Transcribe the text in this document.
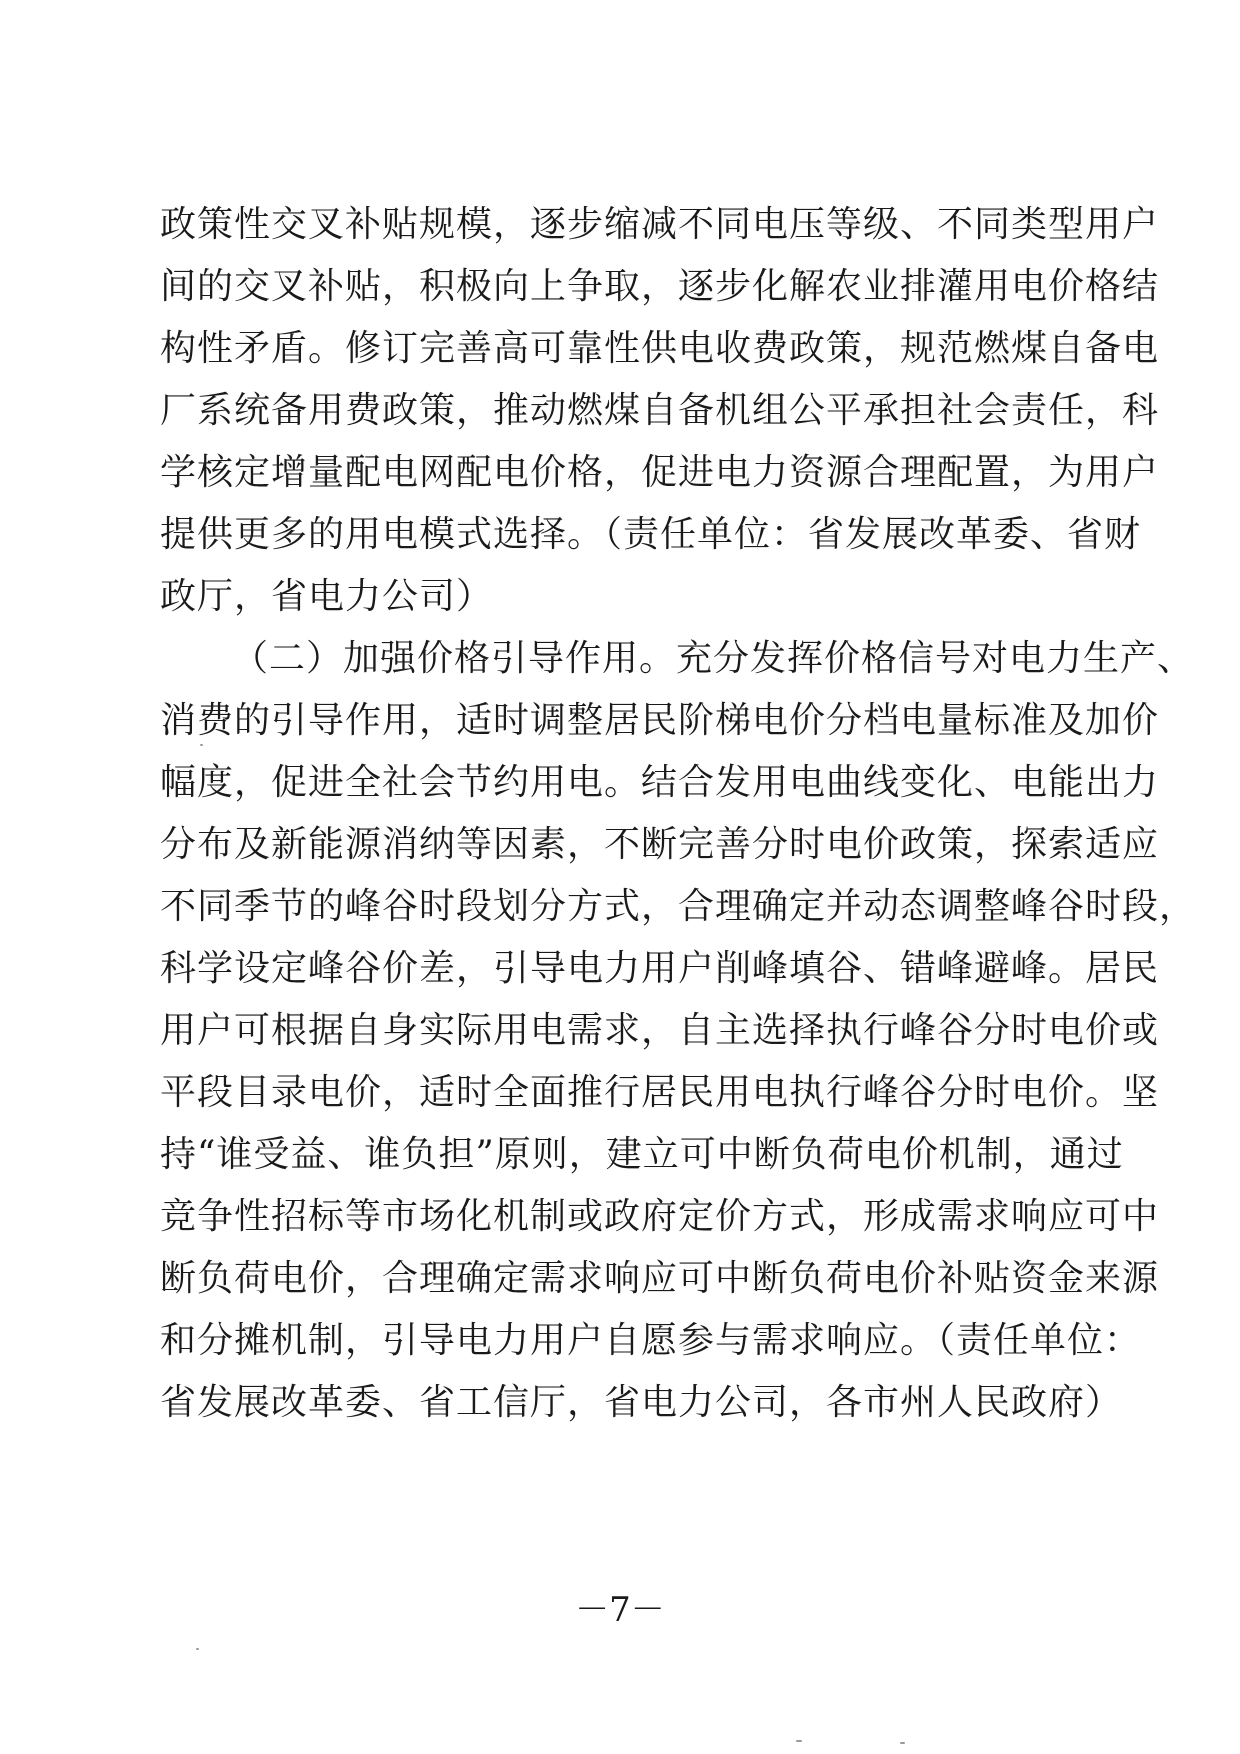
政策性交叉补贴规模，逐步缩减不同电压等级、不同类型用户
间的交叉补贴，积极向上争取，逐步化解农业排灌用电价格结
构性矛盾。修订完善高可靠性供电收费政策，规范燃煤自备电
厂系统备用费政策，推动燃煤自备机组公平承担社会责任，科
学核定增量配电网配电价格，促进电力资源合理配置，为用户
提供更多的用电模式选择。（责任单位：省发展改革委、省财
政厅，省电力公司）
（二）加强价格引导作用。充分发挥价格信号对电力生产、
消费的引导作用，适时调整居民阶梯电价分档电量标准及加价
幅度，促进全社会节约用电。结合发用电曲线变化、电能出力
分布及新能源消纳等因素，不断完善分时电价政策，探索适应
不同季节的峰谷时段划分方式，合理确定并动态调整峰谷时段，
科学设定峰谷价差，引导电力用户削峰填谷、错峰避峰。居民
用户可根据自身实际用电需求，自主选择执行峰谷分时电价或
平段目录电价，适时全面推行居民用电执行峰谷分时电价。坚
持“谁受益、谁负担”原则，建立可中断负荷电价机制，通过
竞争性招标等市场化机制或政府定价方式，形成需求响应可中
断负荷电价，合理确定需求响应可中断负荷电价补贴资金来源
和分摊机制，引导电力用户自愿参与需求响应。（责任单位：
省发展改革委、省工信厅，省电力公司，各市州人民政府）
－7－
